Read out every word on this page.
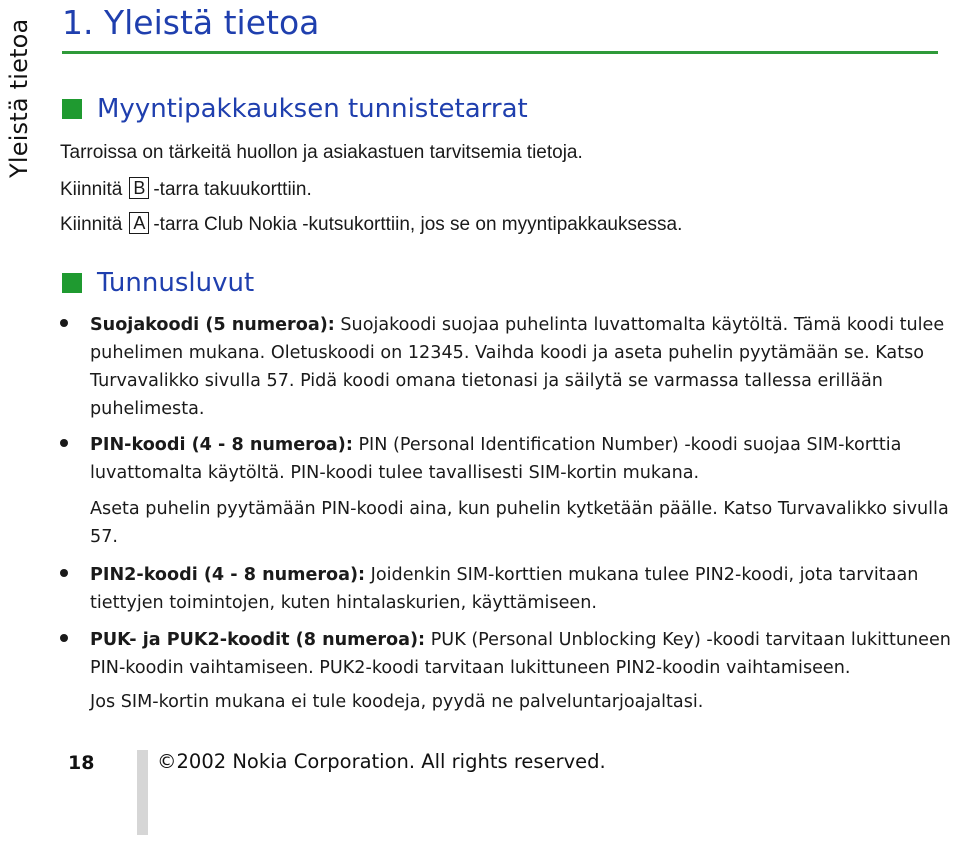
Yleistä tietoa 1. Yleistä tietoa
Myyntipakkauksen tunnistetarrat

Tarroissa on tärkeitä huollon ja asiakastuen tarvitsemia tietoja.

Kiinnitä B -tarra takuukorttiin.

Kiinnitä A -tarra Club Nokia -kutsukorttiin, jos se on myyntipakkauksessa.

Tunnusluvut

Suojakoodi (5 numeroa): Suojakoodi suojaa puhelinta luvattomalta käytöltä. Tämä koodi tulee puhelimen mukana. Oletuskoodi on 12345. Vaihda koodi ja aseta puhelin pyytämään se. Katso Turvavalikko sivulla 57. Pidä koodi omana tietonasi ja säilytä se varmassa tallessa erillään puhelimesta.

PIN-koodi (4 - 8 numeroa): PIN (Personal Identification Number) -koodi suojaa SIM-korttia luvattomalta käytöltä. PIN-koodi tulee tavallisesti SIM-kortin mukana.

Aseta puhelin pyytämään PIN-koodi aina, kun puhelin kytketään päälle. Katso Turvavalikko sivulla 57.

PIN2-koodi (4 - 8 numeroa): Joidenkin SIM-korttien mukana tulee PIN2-koodi, jota tarvitaan tiettyjen toimintojen, kuten hintalaskurien, käyttämiseen.

PUK- ja PUK2-koodit (8 numeroa): PUK (Personal Unblocking Key) -koodi tarvitaan lukittuneen PIN-koodin vaihtamiseen. PUK2-koodi tarvitaan lukittuneen PIN2-koodin vaihtamiseen.

Jos SIM-kortin mukana ei tule koodeja, pyydä ne palveluntarjoajaltasi.

18	©2002 Nokia Corporation. All rights reserved.
